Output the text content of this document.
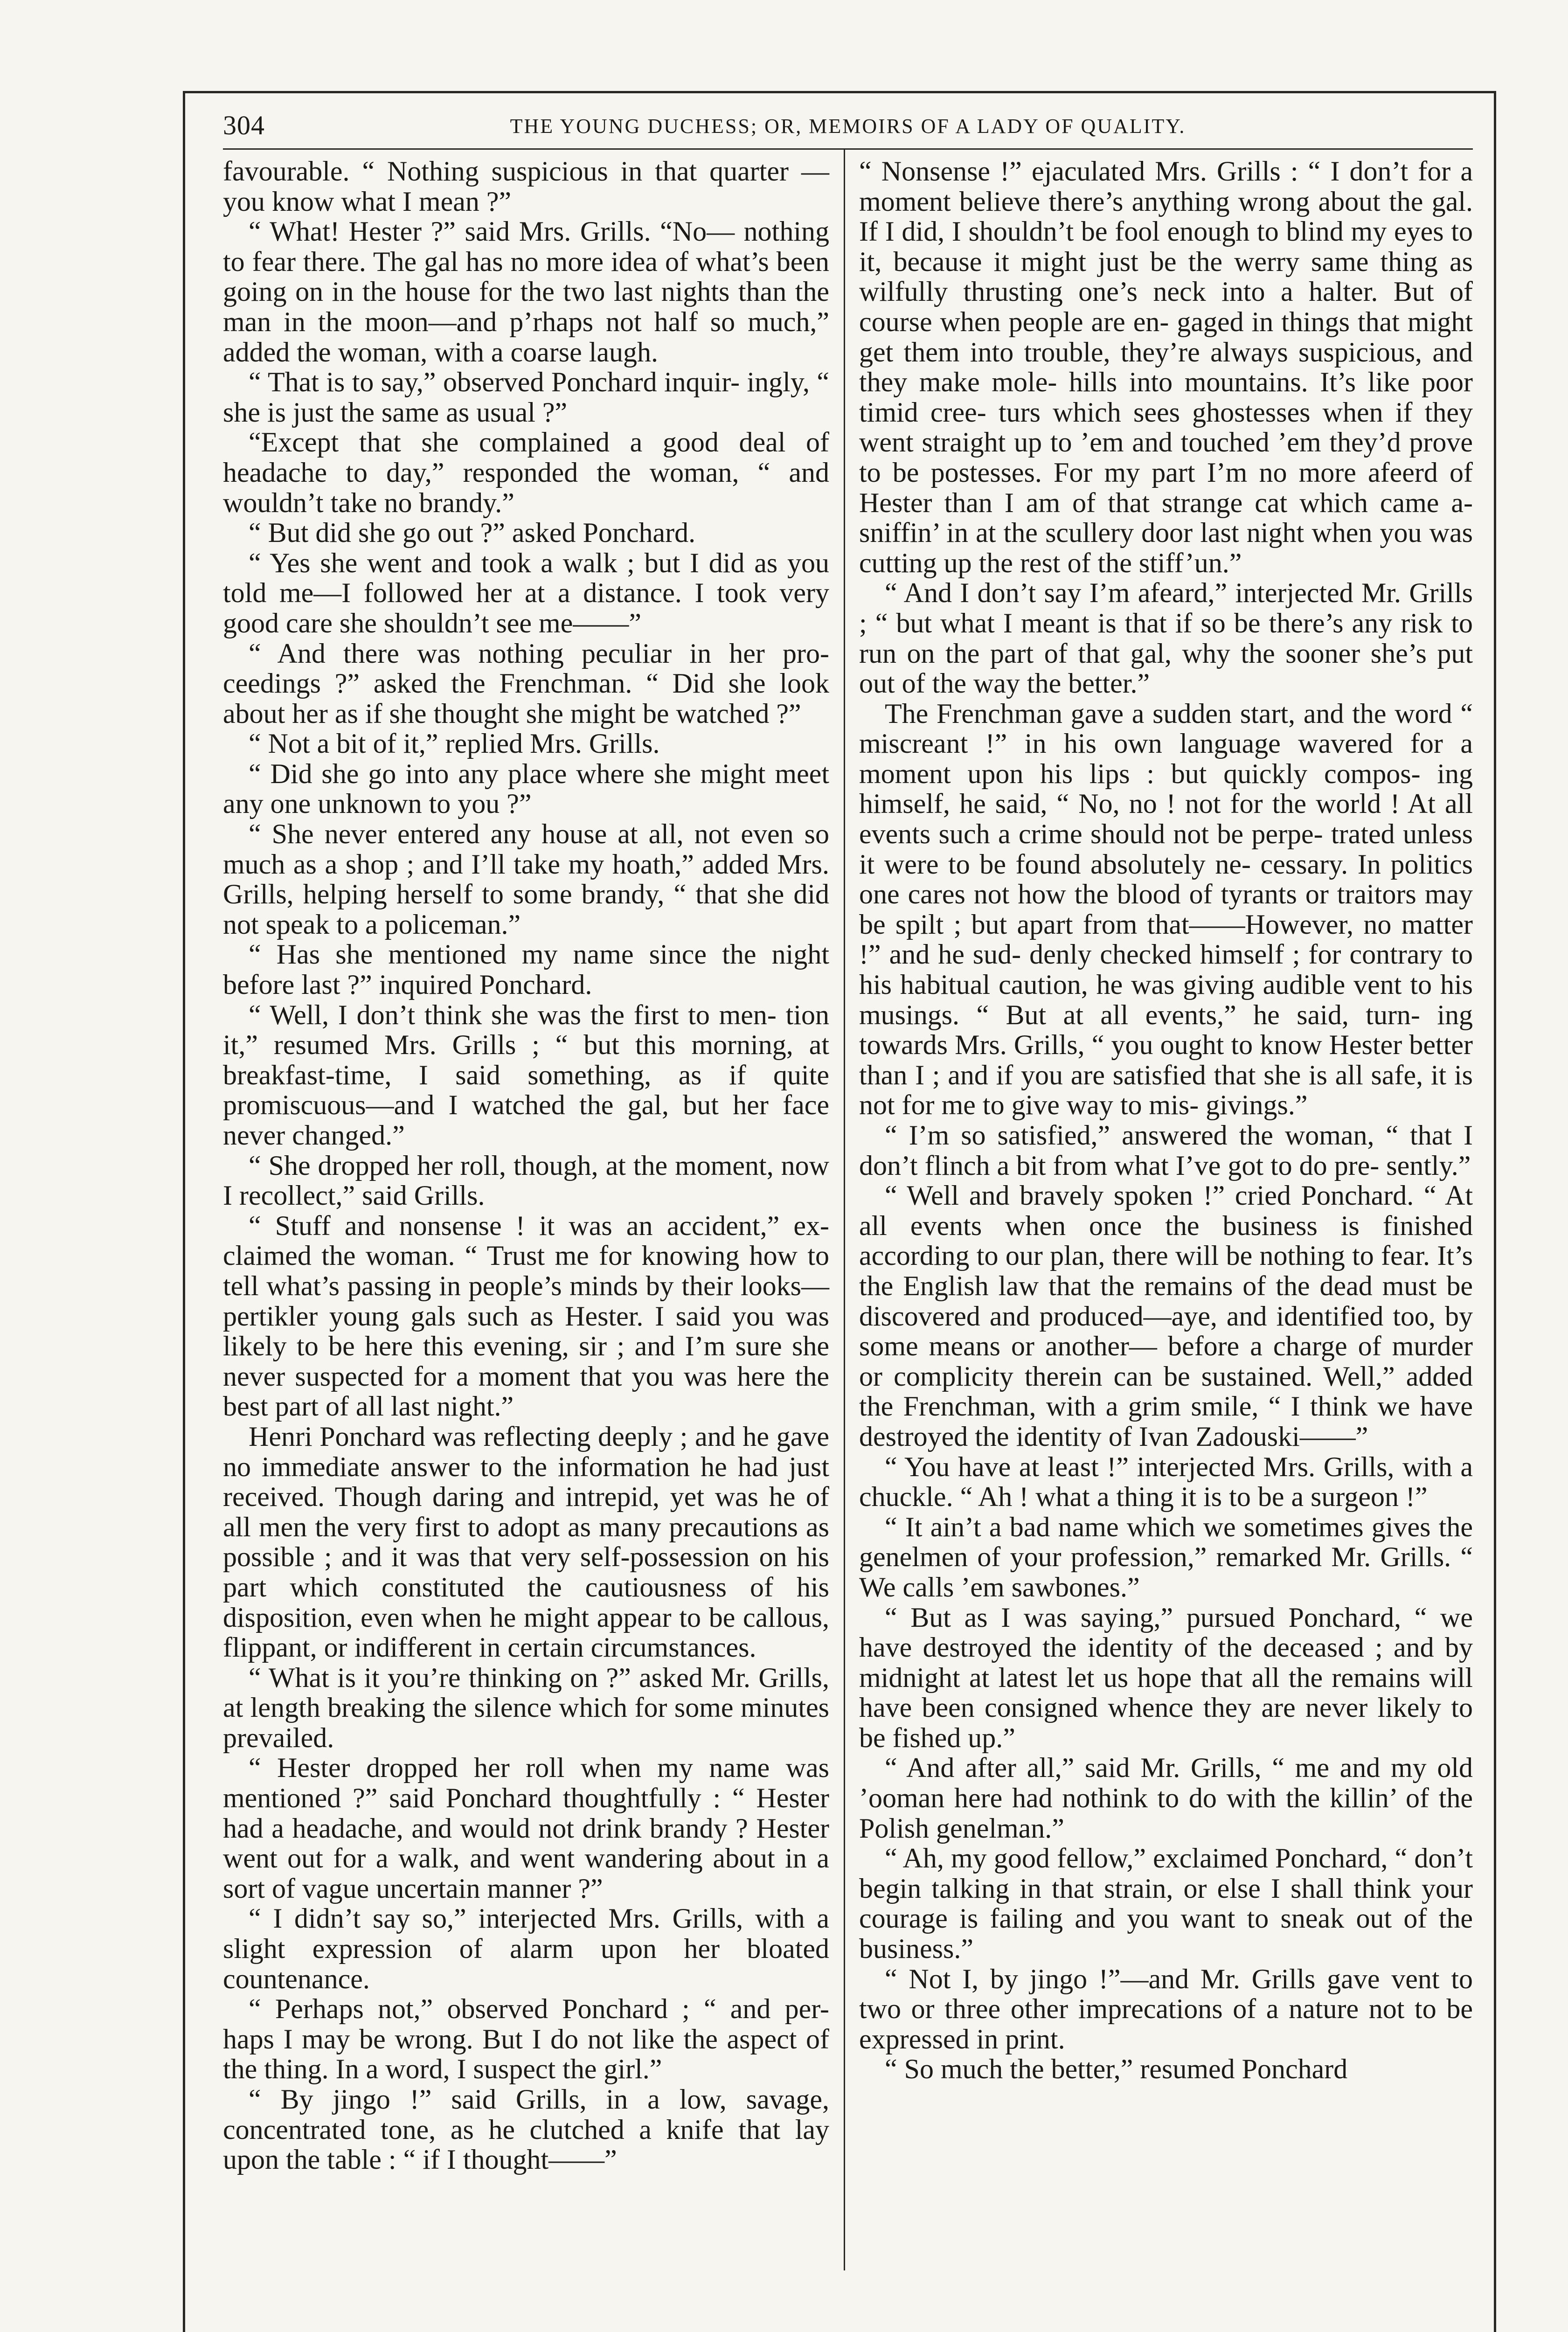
304	THE YOUNG DUCHESS; OR, MEMOIRS OF A LADY OF QUALITY.

favourable. “ Nothing suspicious in that quarter —you know what I mean ?”

“ What! Hester ?” said Mrs. Grills. “No— nothing to fear there. The gal has no more idea of what’s been going on in the house for the two last nights than the man in the moon—and p’rhaps not half so much,” added the woman, with a coarse laugh.

“ That is to say,” observed Ponchard inquir- ingly, “ she is just the same as usual ?”

“Except that she complained a good deal of headache to day,” responded the woman, “ and wouldn’t take no brandy.”

“ But did she go out ?” asked Ponchard.

“ Yes she went and took a walk ; but I did as you told me—I followed her at a distance. I took very good care she shouldn’t see me——”

“ And there was nothing peculiar in her pro- ceedings ?” asked the Frenchman. “ Did she look about her as if she thought she might be watched ?”

“ Not a bit of it,” replied Mrs. Grills.

“ Did she go into any place where she might meet any one unknown to you ?”

“ She never entered any house at all, not even so much as a shop ; and I’ll take my hoath,” added Mrs. Grills, helping herself to some brandy, “ that she did not speak to a policeman.”

“ Has she mentioned my name since the night before last ?” inquired Ponchard.

“ Well, I don’t think she was the first to men- tion it,” resumed Mrs. Grills ; “ but this morning, at breakfast-time, I said something, as if quite promiscuous—and I watched the gal, but her face never changed.”

“ She dropped her roll, though, at the moment, now I recollect,” said Grills.

“ Stuff and nonsense ! it was an accident,” ex- claimed the woman. “ Trust me for knowing how to tell what’s passing in people’s minds by their looks—pertikler young gals such as Hester. I said you was likely to be here this evening, sir ; and I’m sure she never suspected for a moment that you was here the best part of all last night.”

Henri Ponchard was reflecting deeply ; and he gave no immediate answer to the information he had just received. Though daring and intrepid, yet was he of all men the very first to adopt as many precautions as possible ; and it was that very self-possession on his part which constituted the cautiousness of his disposition, even when he might appear to be callous, flippant, or indifferent in certain circumstances.

“ What is it you’re thinking on ?” asked Mr. Grills, at length breaking the silence which for some minutes prevailed.

“ Hester dropped her roll when my name was mentioned ?” said Ponchard thoughtfully : “ Hester had a headache, and would not drink brandy ? Hester went out for a walk, and went wandering about in a sort of vague uncertain manner ?”

“ I didn’t say so,” interjected Mrs. Grills, with a slight expression of alarm upon her bloated countenance.

“ Perhaps not,” observed Ponchard ; “ and per- haps I may be wrong. But I do not like the aspect of the thing. In a word, I suspect the girl.”

“ By jingo !” said Grills, in a low, savage, concentrated tone, as he clutched a knife that lay upon the table : “ if I thought——”

“ Nonsense !” ejaculated Mrs. Grills : “ I don’t for a moment believe there’s anything wrong about the gal. If I did, I shouldn’t be fool enough to blind my eyes to it, because it might just be the werry same thing as wilfully thrusting one’s neck into a halter. But of course when people are en- gaged in things that might get them into trouble, they’re always suspicious, and they make mole- hills into mountains. It’s like poor timid cree- turs which sees ghostesses when if they went straight up to ’em and touched ’em they’d prove to be postesses. For my part I’m no more afeerd of Hester than I am of that strange cat which came a-sniffin’ in at the scullery door last night when you was cutting up the rest of the stiff’un.”

“ And I don’t say I’m afeard,” interjected Mr. Grills ; “ but what I meant is that if so be there’s any risk to run on the part of that gal, why the sooner she’s put out of the way the better.”

The Frenchman gave a sudden start, and the word “ miscreant !” in his own language wavered for a moment upon his lips : but quickly compos- ing himself, he said, “ No, no ! not for the world ! At all events such a crime should not be perpe- trated unless it were to be found absolutely ne- cessary. In politics one cares not how the blood of tyrants or traitors may be spilt ; but apart from that——However, no matter !” and he sud- denly checked himself ; for contrary to his habitual caution, he was giving audible vent to his musings. “ But at all events,” he said, turn- ing towards Mrs. Grills, “ you ought to know Hester better than I ; and if you are satisfied that she is all safe, it is not for me to give way to mis- givings.”

“ I’m so satisfied,” answered the woman, “ that I don’t flinch a bit from what I’ve got to do pre- sently.”

“ Well and bravely spoken !” cried Ponchard. “ At all events when once the business is finished according to our plan, there will be nothing to fear. It’s the English law that the remains of the dead must be discovered and produced—aye, and identified too, by some means or another— before a charge of murder or complicity therein can be sustained. Well,” added the Frenchman, with a grim smile, “ I think we have destroyed the identity of Ivan Zadouski——”

“ You have at least !” interjected Mrs. Grills, with a chuckle. “ Ah ! what a thing it is to be a surgeon !”

“ It ain’t a bad name which we sometimes gives the genelmen of your profession,” remarked Mr. Grills. “ We calls ’em sawbones.”

“ But as I was saying,” pursued Ponchard, “ we have destroyed the identity of the deceased ; and by midnight at latest let us hope that all the remains will have been consigned whence they are never likely to be fished up.”

“ And after all,” said Mr. Grills, “ me and my old ’ooman here had nothink to do with the killin’ of the Polish genelman.”

“ Ah, my good fellow,” exclaimed Ponchard, “ don’t begin talking in that strain, or else I shall think your courage is failing and you want to sneak out of the business.”

“ Not I, by jingo !”—and Mr. Grills gave vent to two or three other imprecations of a nature not to be expressed in print.

“ So much the better,” resumed Ponchard
